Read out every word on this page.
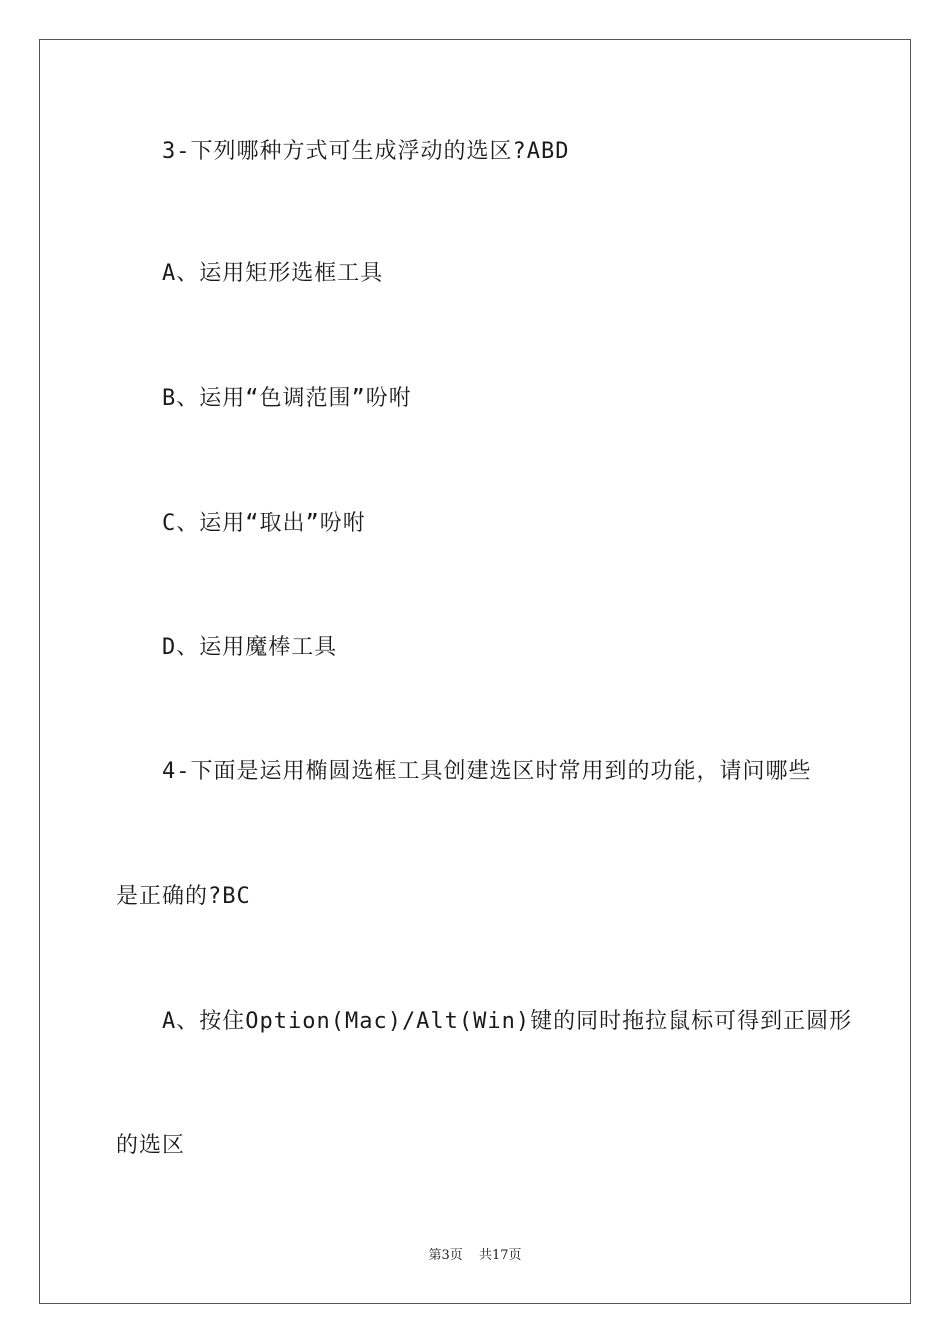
3-下列哪种方式可生成浮动的选区?ABD
A、运用矩形选框工具
B、运用“色调范围”吩咐
C、运用“取出”吩咐
D、运用魔棒工具
4-下面是运用椭圆选框工具创建选区时常用到的功能，请问哪些
是正确的?BC
A、按住Option(Mac)/Alt(Win)键的同时拖拉鼠标可得到正圆形
的选区
第3页 共17页
